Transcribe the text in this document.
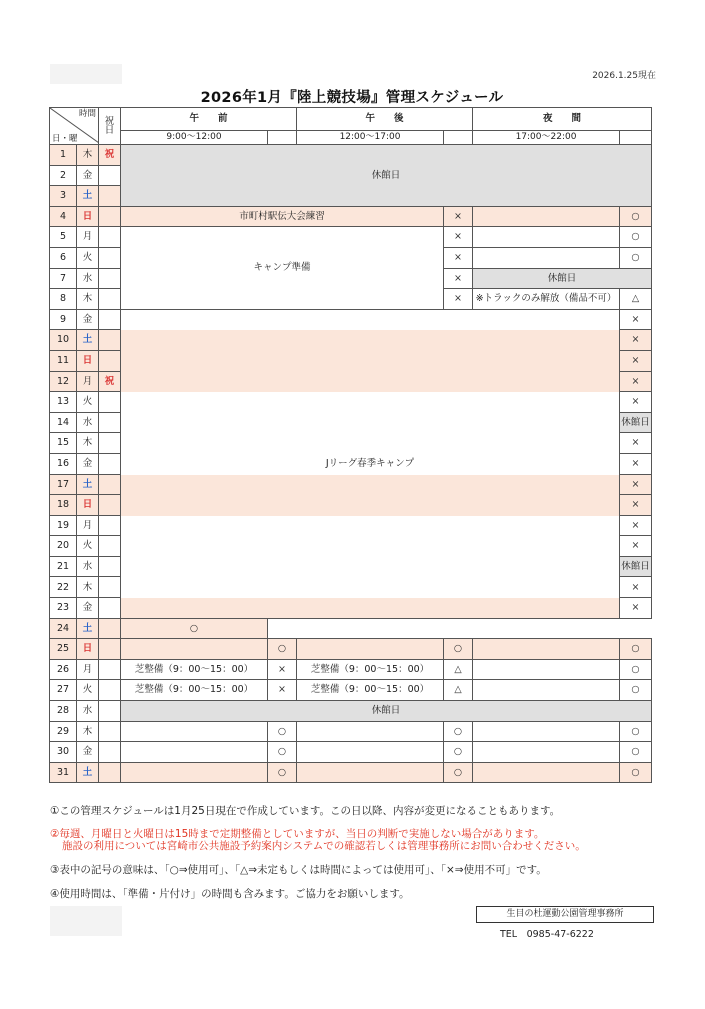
2026.1.25現在
2026年1月『陸上競技場』管理スケジュール
時間
日・曜		祝日	午　　前		午　　後		夜　　間	
			9:00～12:00		12:00～17:00		17:00～22:00	
1	木	祝	休館日					
2	金							
3	土							
4	日		市町村駅伝大会練習			×		○
5	月		キャンプ準備			×		○
6	火					×		○
7	水					×	休館日	
8	木					×	※トラックのみ解放（備品不可）	△
9	金		Jリーグ春季キャンプ					×
10	土							×
11	日							×
12	月	祝						×
13	火							×
14	水							休館日
15	木							×
16	金							×
17	土							×
18	日							×
19	月							×
20	火							×
21	水							休館日
22	木							×
23	金							×
24	土		○					
25	日			○		○		○
26	月		芝整備（9：00～15：00）	×	芝整備（9：00～15：00）	△		○
27	火		芝整備（9：00～15：00）	×	芝整備（9：00～15：00）	△		○
28	水		休館日					
29	木			○		○		○
30	金			○		○		○
31	土			○		○		○
①この管理スケジュールは1月25日現在で作成しています。この日以降、内容が変更になることもあります。
②毎週、月曜日と火曜日は15時まで定期整備としていますが、当日の判断で実施しない場合があります。
施設の利用については宮崎市公共施設予約案内システムでの確認若しくは管理事務所にお問い合わせください。
③表中の記号の意味は、「○⇒使用可」、「△⇒未定もしくは時間によっては使用可」、「×⇒使用不可」です。
④使用時間は、「準備・片付け」の時間も含みます。ご協力をお願いします。
生目の杜運動公園管理事務所
TEL　0985-47-6222
